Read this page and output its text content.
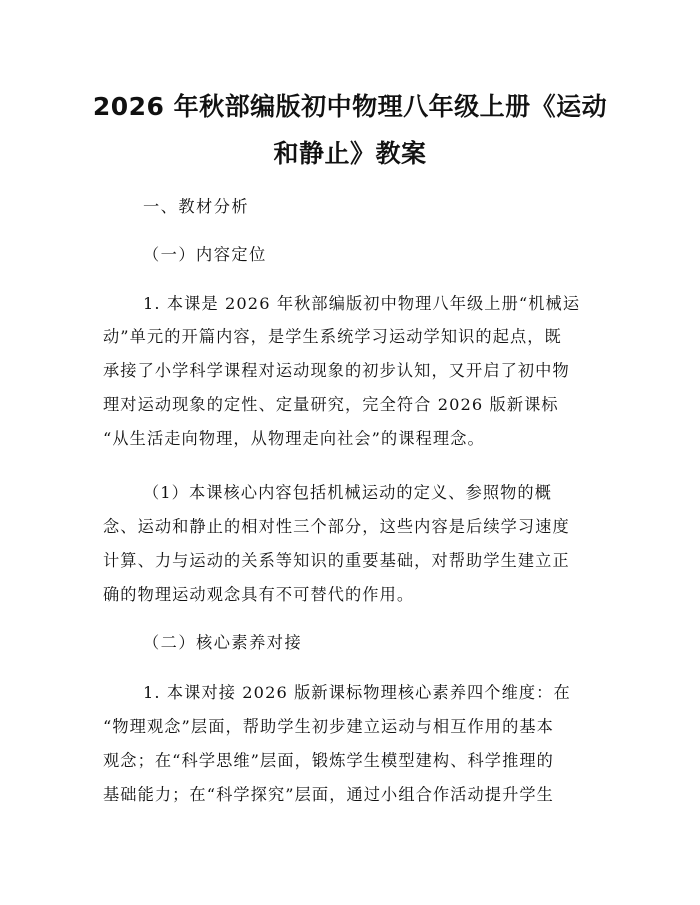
2026 年秋部编版初中物理八年级上册《运动
和静止》教案
一、教材分析
（一）内容定位
1. 本课是 2026 年秋部编版初中物理八年级上册“机械运
动”单元的开篇内容，是学生系统学习运动学知识的起点，既
承接了小学科学课程对运动现象的初步认知，又开启了初中物
理对运动现象的定性、定量研究，完全符合 2026 版新课标
“从生活走向物理，从物理走向社会”的课程理念。
（1）本课核心内容包括机械运动的定义、参照物的概
念、运动和静止的相对性三个部分，这些内容是后续学习速度
计算、力与运动的关系等知识的重要基础，对帮助学生建立正
确的物理运动观念具有不可替代的作用。
（二）核心素养对接
1. 本课对接 2026 版新课标物理核心素养四个维度：在
“物理观念”层面，帮助学生初步建立运动与相互作用的基本
观念；在“科学思维”层面，锻炼学生模型建构、科学推理的
基础能力；在“科学探究”层面，通过小组合作活动提升学生
